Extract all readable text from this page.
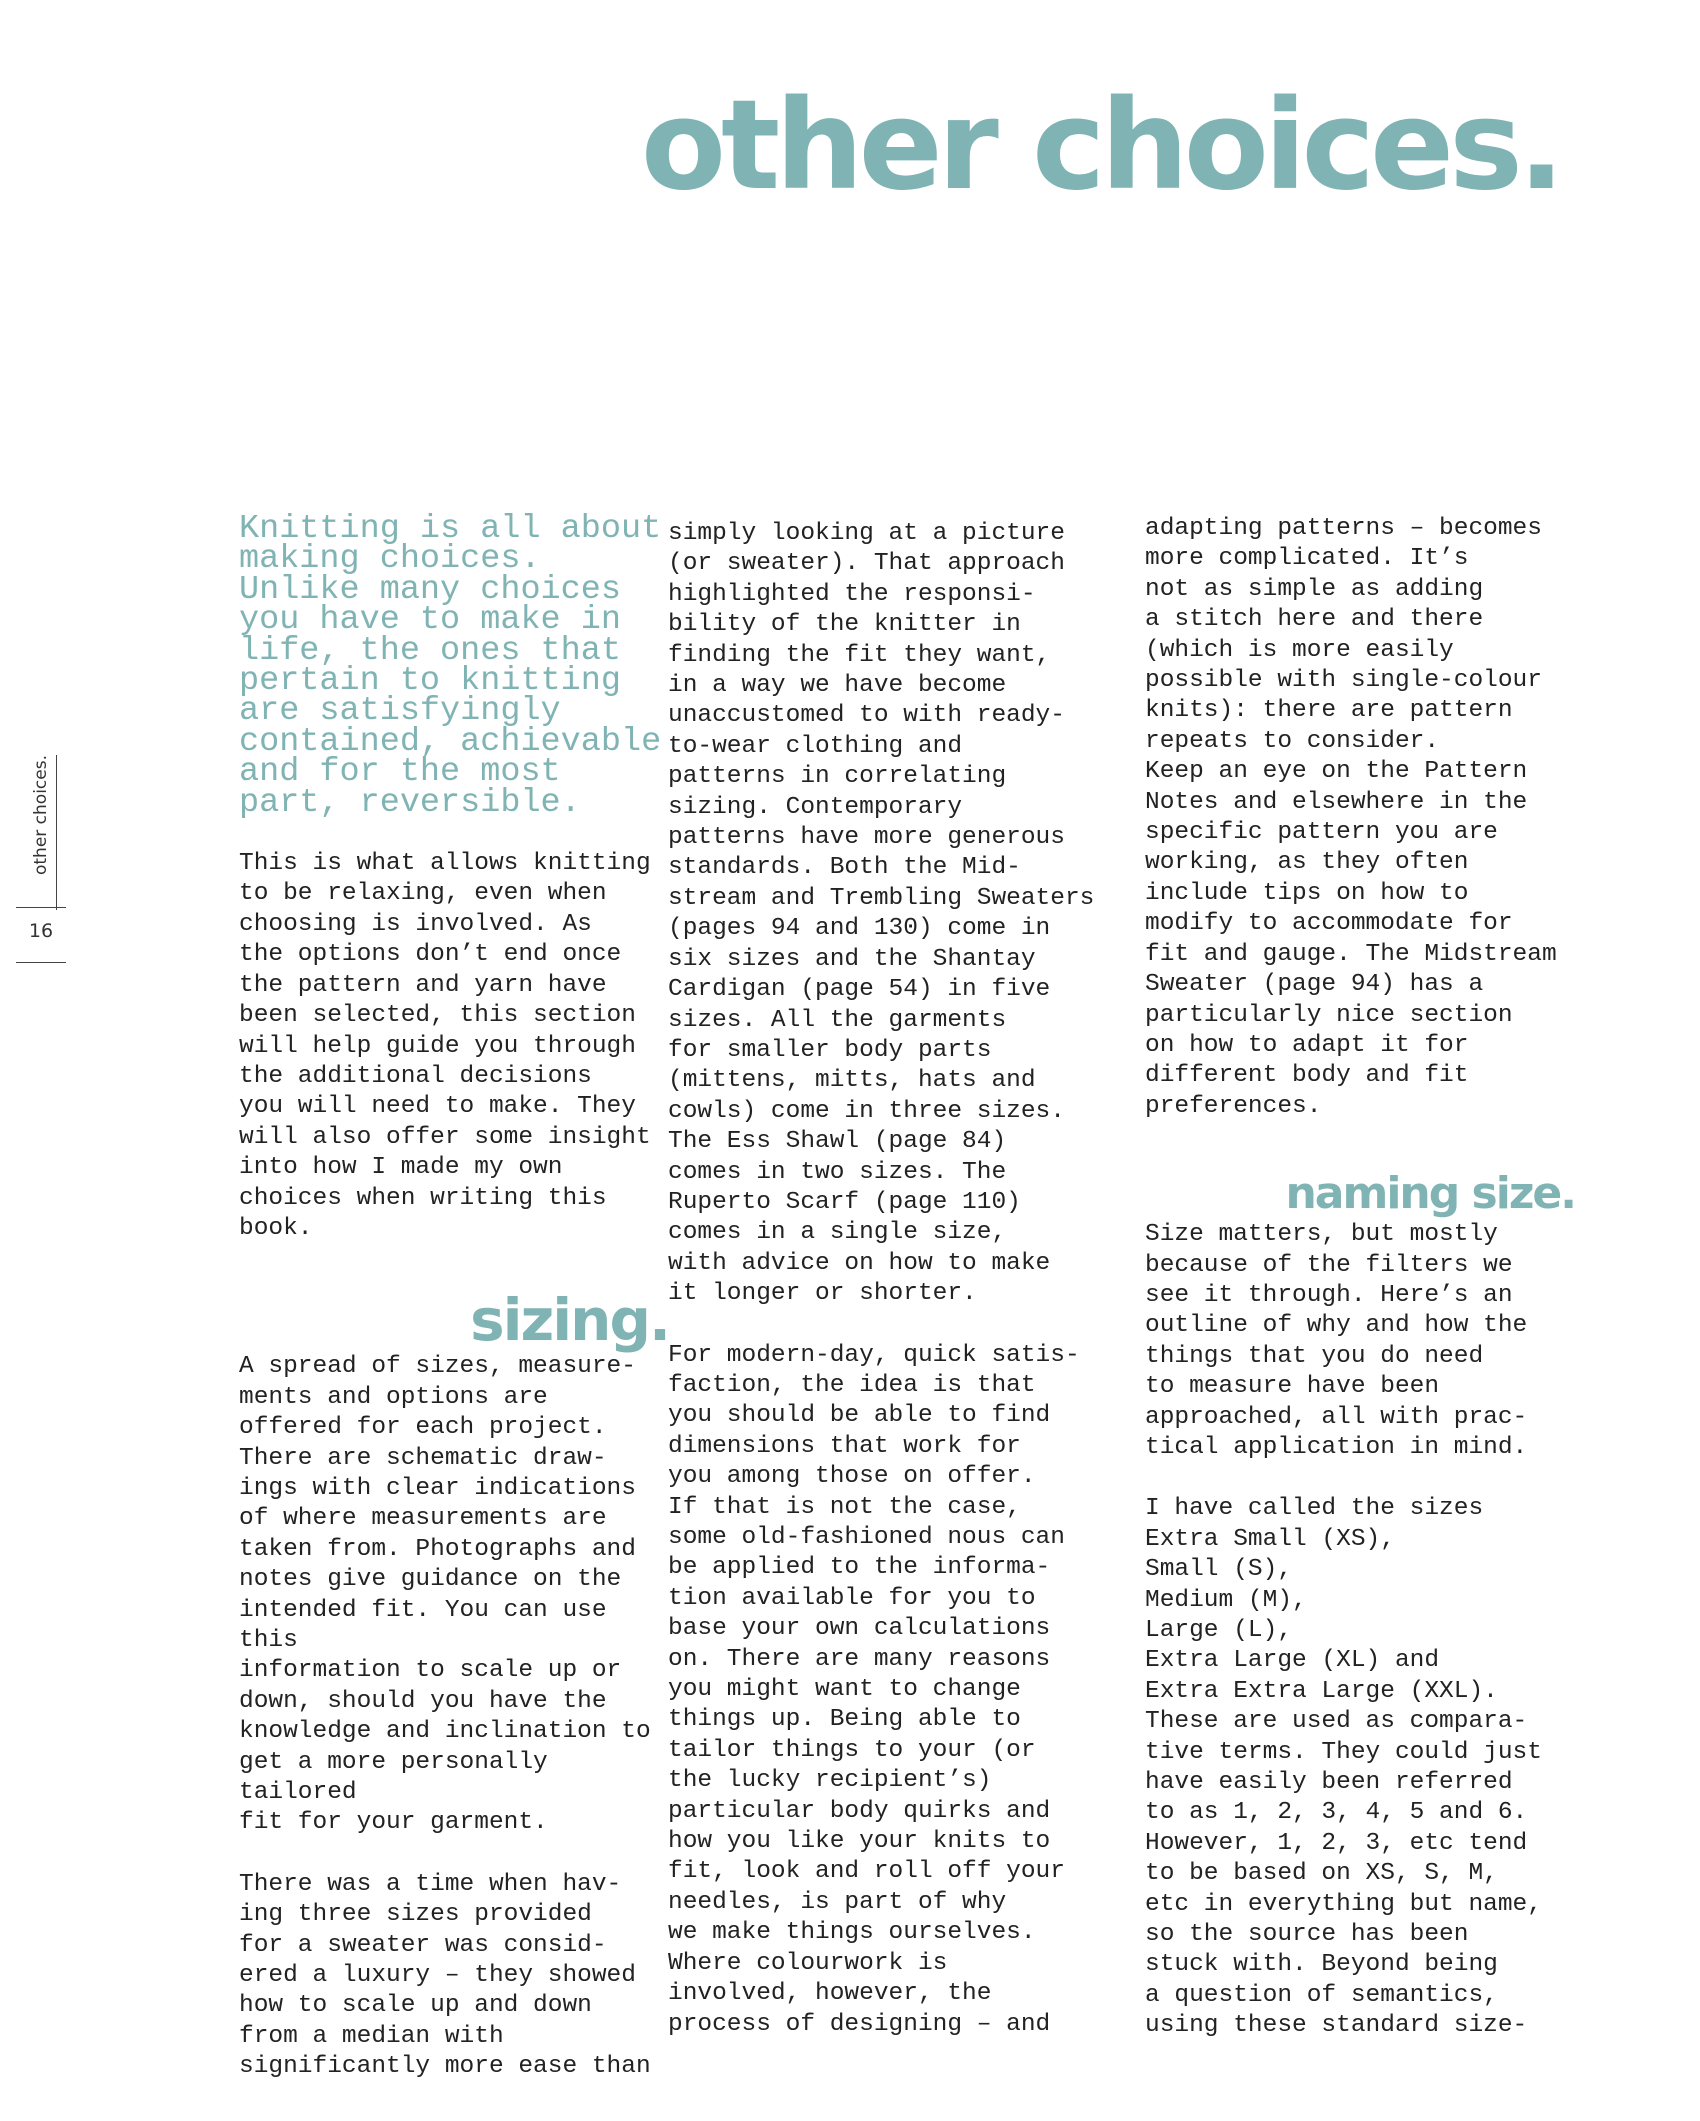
other choices.
other choices.
16

Knitting is all about
making choices.
Unlike many choices
you have to make in
life, the ones that
pertain to knitting
are satisfyingly
contained, achievable
and for the most
part, reversible.

This is what allows knitting
to be relaxing, even when
choosing is involved. As
the options don’t end once
the pattern and yarn have
been selected, this section
will help guide you through
the additional decisions
you will need to make. They
will also offer some insight
into how I made my own
choices when writing this
book.

sizing.

A spread of sizes, measure-
ments and options are
offered for each project.
There are schematic draw-
ings with clear indications
of where measurements are
taken from. Photographs and
notes give guidance on the
intended fit. You can use this
information to scale up or
down, should you have the
knowledge and inclination to
get a more personally tailored
fit for your garment.

There was a time when hav-
ing three sizes provided
for a sweater was consid-
ered a luxury – they showed
how to scale up and down
from a median with
significantly more ease than

simply looking at a picture
(or sweater). That approach
highlighted the responsi-
bility of the knitter in
finding the fit they want,
in a way we have become
unaccustomed to with ready-
to-wear clothing and
patterns in correlating
sizing. Contemporary
patterns have more generous
standards. Both the Mid-
stream and Trembling Sweaters
(pages 94 and 130) come in
six sizes and the Shantay
Cardigan (page 54) in five
sizes. All the garments
for smaller body parts
(mittens, mitts, hats and
cowls) come in three sizes.
The Ess Shawl (page 84)
comes in two sizes. The
Ruperto Scarf (page 110)
comes in a single size,
with advice on how to make
it longer or shorter.

For modern-day, quick satis-
faction, the idea is that
you should be able to find
dimensions that work for
you among those on offer.
If that is not the case,
some old-fashioned nous can
be applied to the informa-
tion available for you to
base your own calculations
on. There are many reasons
you might want to change
things up. Being able to
tailor things to your (or
the lucky recipient’s)
particular body quirks and
how you like your knits to
fit, look and roll off your
needles, is part of why
we make things ourselves.
Where colourwork is
involved, however, the
process of designing – and

adapting patterns – becomes
more complicated. It’s
not as simple as adding
a stitch here and there
(which is more easily
possible with single-colour
knits): there are pattern
repeats to consider.
Keep an eye on the Pattern
Notes and elsewhere in the
specific pattern you are
working, as they often
include tips on how to
modify to accommodate for
fit and gauge. The Midstream
Sweater (page 94) has a
particularly nice section
on how to adapt it for
different body and fit
preferences.

naming size.

Size matters, but mostly
because of the filters we
see it through. Here’s an
outline of why and how the
things that you do need
to measure have been
approached, all with prac-
tical application in mind.

I have called the sizes
Extra Small (XS),
Small (S),
Medium (M),
Large (L),
Extra Large (XL) and
Extra Extra Large (XXL).
These are used as compara-
tive terms. They could just
have easily been referred
to as 1, 2, 3, 4, 5 and 6.
However, 1, 2, 3, etc tend
to be based on XS, S, M,
etc in everything but name,
so the source has been
stuck with. Beyond being
a question of semantics,
using these standard size-
